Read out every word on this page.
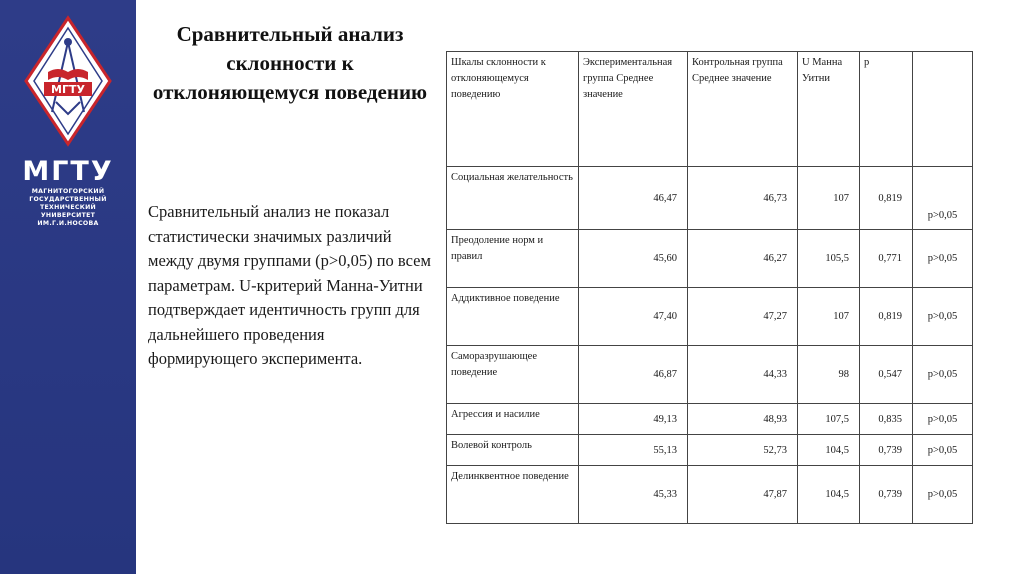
МГТУ
МГТУ
МАГНИТОГОРСКИЙ
ГОСУДАРСТВЕННЫЙ
ТЕХНИЧЕСКИЙ
УНИВЕРСИТЕТ
ИМ.Г.И.НОСОВА
Сравнительный анализ склонности к отклоняющемуся поведению
Сравнительный анализ не показал статистически значимых различий между двумя группами (р>0,05) по всем параметрам. U-критерий Манна-Уитни подтверждает идентичность групп для дальнейшего проведения формирующего эксперимента.
Шкалы склонности к отклоняющемуся поведению	Экспериментальная группа Среднее значение	Контрольная группа Среднее значение	U Манна Уитни	p	
Социальная желательность	46,47	46,73	107	0,819	p>0,05
Преодоление норм и правил	45,60	46,27	105,5	0,771	p>0,05
Аддиктивное поведение	47,40	47,27	107	0,819	p>0,05
Саморазрушающее поведение	46,87	44,33	98	0,547	p>0,05
Агрессия и насилие	49,13	48,93	107,5	0,835	p>0,05
Волевой контроль	55,13	52,73	104,5	0,739	p>0,05
Делинквентное поведение	45,33	47,87	104,5	0,739	p>0,05
